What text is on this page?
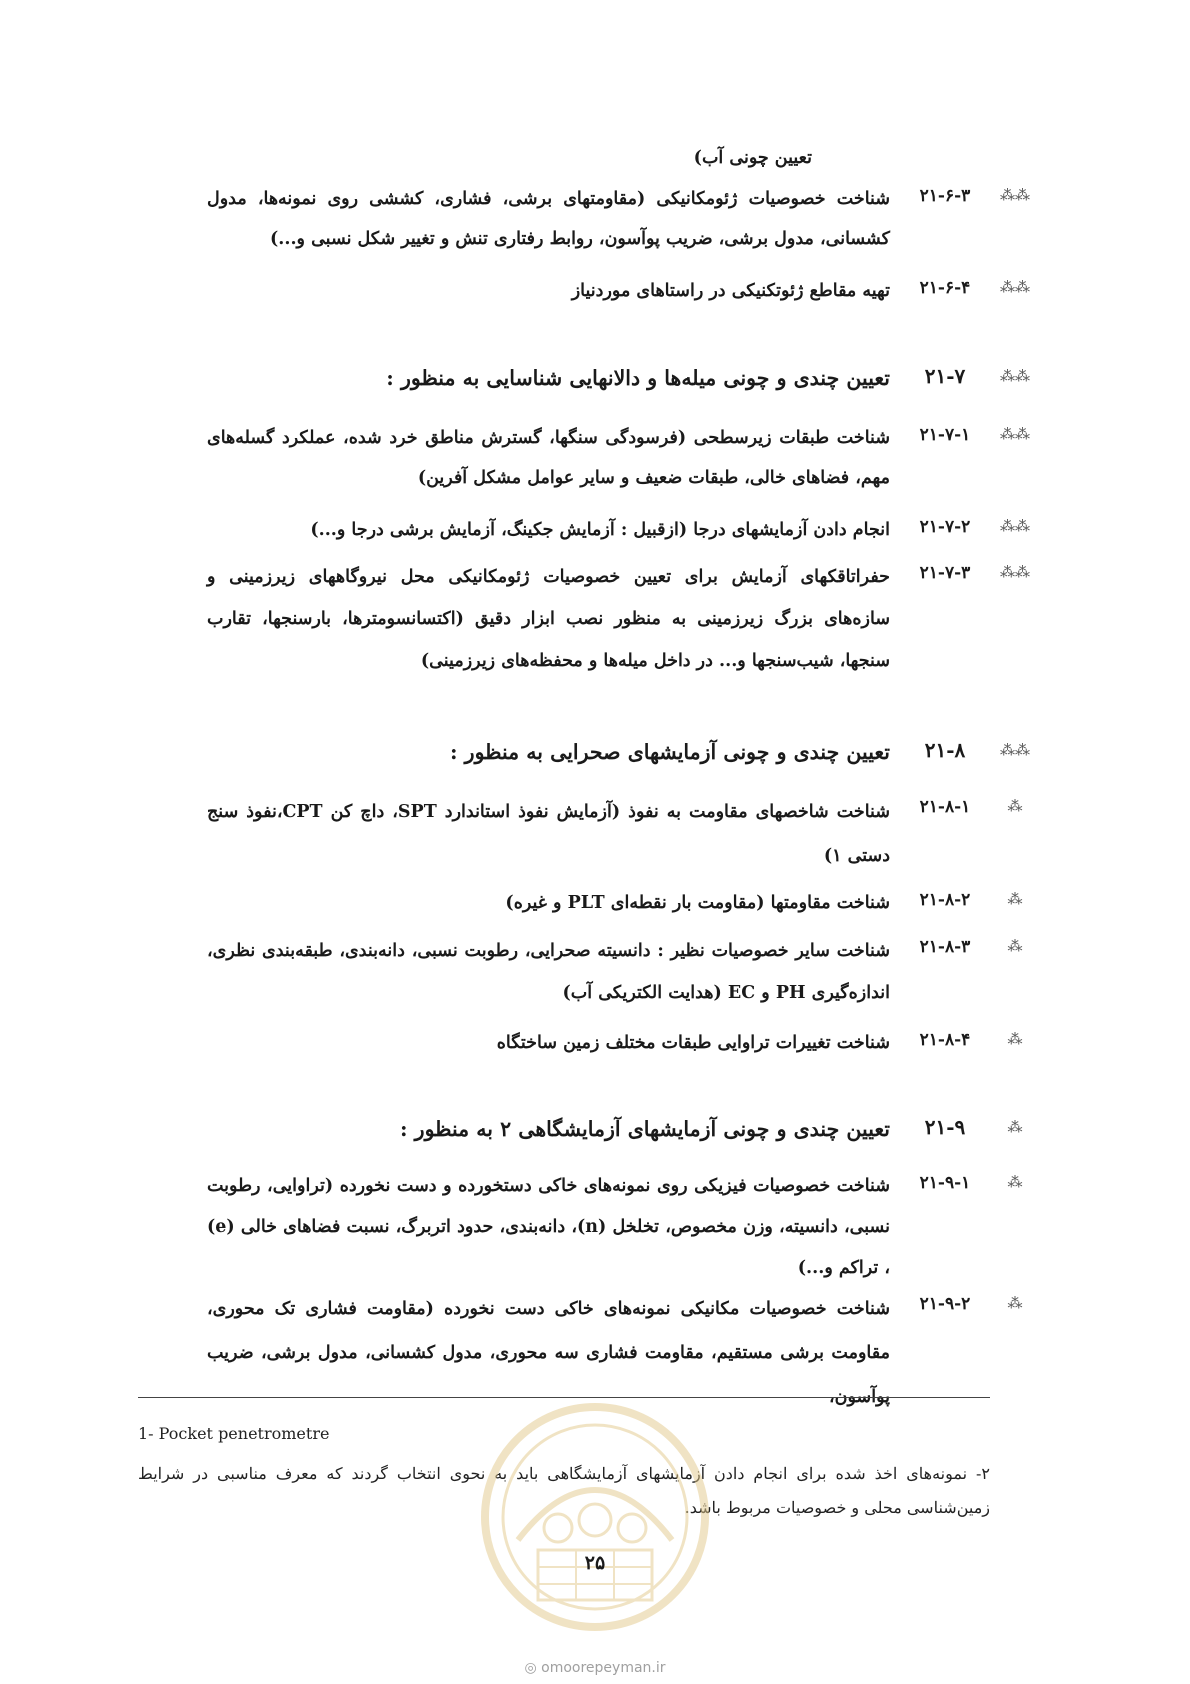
تعیین چونی آب)
⁂⁂
۲۱-۶-۳
شناخت خصوصیات ژئومکانیکی (مقاومتهای برشی، فشاری، کششی روی نمونه‌ها، مدول کشسانی، مدول برشی، ضریب پوآسون، روابط رفتاری تنش و تغییر شکل نسبی و...)
⁂⁂
۲۱-۶-۴
تهیه مقاطع ژئوتکنیکی در راستاهای موردنیاز
⁂⁂
۲۱-۷
تعیین چندی و چونی میله‌ها و دالانهایی شناسایی به منظور :
⁂⁂
۲۱-۷-۱
شناخت طبقات زیرسطحی (فرسودگی سنگها، گسترش مناطق خرد شده، عملکرد گسله‌های مهم، فضاهای خالی، طبقات ضعیف و سایر عوامل مشکل آفرین)
⁂⁂
۲۱-۷-۲
انجام دادن آزمایشهای درجا (ازقبیل : آزمایش جکینگ، آزمایش برشی درجا و...)
⁂⁂
۲۱-۷-۳
حفراتاقکهای آزمایش برای تعیین خصوصیات ژئومکانیکی محل نیروگاههای زیرزمینی و سازه‌های بزرگ زیرزمینی به منظور نصب ابزار دقیق (اکتسانسومترها، بارسنجها، تقارب سنجها، شیب‌سنجها و... در داخل میله‌ها و محفظه‌های زیرزمینی)
⁂⁂
۲۱-۸
تعیین چندی و چونی آزمایشهای صحرایی به منظور :
⁂
۲۱-۸-۱
شناخت شاخصهای مقاومت به نفوذ (آزمایش نفوذ استاندارد SPT، داچ کن CPT،نفوذ سنج دستی ۱)
⁂
۲۱-۸-۲
شناخت مقاومتها (مقاومت بار نقطه‌ای PLT و غیره)
⁂
۲۱-۸-۳
شناخت سایر خصوصیات نظیر : دانسیته صحرایی، رطوبت نسبی، دانه‌بندی، طبقه‌بندی نظری، اندازه‌گیری PH و EC (هدایت الکتریکی آب)
⁂
۲۱-۸-۴
شناخت تغییرات تراوایی طبقات مختلف زمین ساختگاه
⁂
۲۱-۹
تعیین چندی و چونی آزمایشهای آزمایشگاهی ۲ به منظور :
⁂
۲۱-۹-۱
شناخت خصوصیات فیزیکی روی نمونه‌های خاکی دستخورده و دست نخورده (تراوایی، رطوبت نسبی، دانسیته، وزن مخصوص، تخلخل (n)، دانه‌بندی، حدود اتربرگ، نسبت فضاهای خالی (e) ، تراکم و...)
⁂
۲۱-۹-۲
شناخت خصوصیات مکانیکی نمونه‌های خاکی دست نخورده (مقاومت فشاری تک محوری، مقاومت برشی مستقیم، مقاومت فشاری سه محوری، مدول کشسانی، مدول برشی، ضریب پوآسون،
1- Pocket penetrometre
۲- نمونه‌های اخذ شده برای انجام دادن آزمایشهای آزمایشگاهی باید به نحوی انتخاب گردند که معرف مناسبی در شرایط زمین‌شناسی محلی و خصوصیات مربوط باشد.
۲۵
◎ omoorepeyman.ir
